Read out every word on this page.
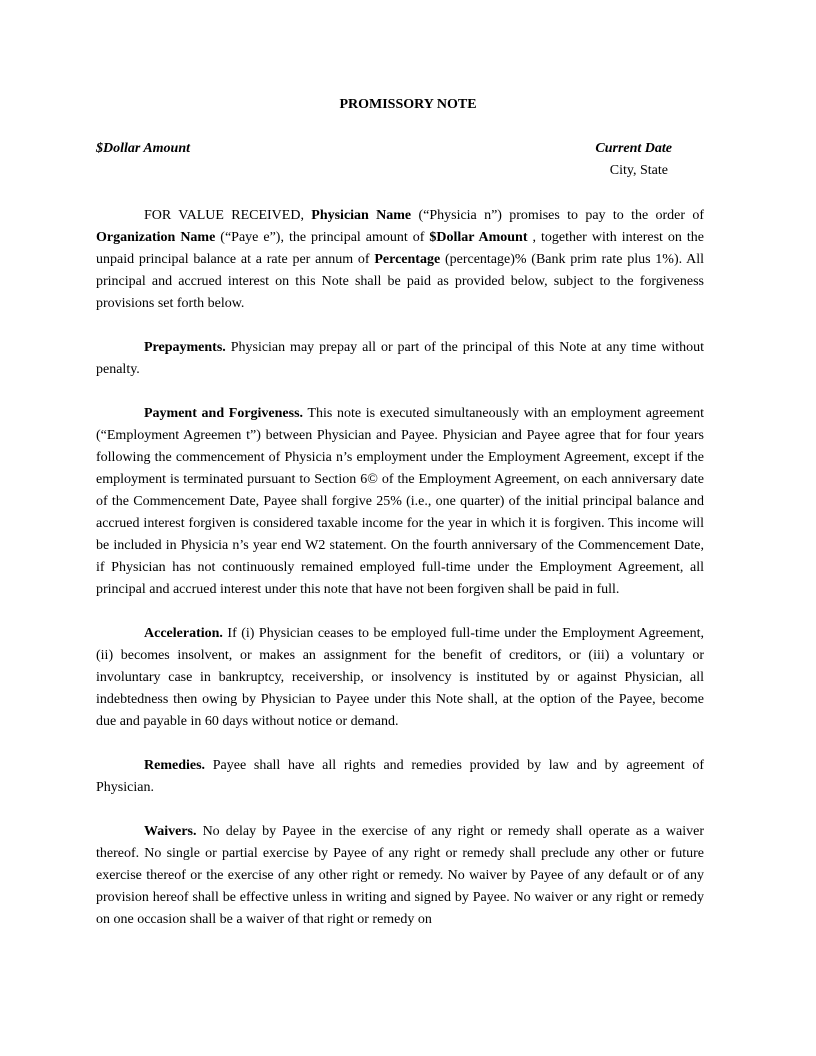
PROMISSORY NOTE
$Dollar Amount	Current Date
City, State

FOR VALUE RECEIVED, Physician Name (“Physicia n”) promises to pay to the order of Organization Name (“Paye e”), the principal amount of $Dollar Amount , together with interest on the unpaid principal balance at a rate per annum of Percentage (percentage)% (Bank prim rate plus 1%). All principal and accrued interest on this Note shall be paid as provided below, subject to the forgiveness provisions set forth below.

Prepayments. Physician may prepay all or part of the principal of this Note at any time without penalty.

Payment and Forgiveness. This note is executed simultaneously with an employment agreement (“Employment Agreemen t”) between Physician and Payee. Physician and Payee agree that for four years following the commencement of Physicia n’s employment under the Employment Agreement, except if the employment is terminated pursuant to Section 6© of the Employment Agreement, on each anniversary date of the Commencement Date, Payee shall forgive 25% (i.e., one quarter) of the initial principal balance and accrued interest forgiven is considered taxable income for the year in which it is forgiven. This income will be included in Physicia n’s year end W2 statement. On the fourth anniversary of the Commencement Date, if Physician has not continuously remained employed full-time under the Employment Agreement, all principal and accrued interest under this note that have not been forgiven shall be paid in full.

Acceleration. If (i) Physician ceases to be employed full-time under the Employment Agreement, (ii) becomes insolvent, or makes an assignment for the benefit of creditors, or (iii) a voluntary or involuntary case in bankruptcy, receivership, or insolvency is instituted by or against Physician, all indebtedness then owing by Physician to Payee under this Note shall, at the option of the Payee, become due and payable in 60 days without notice or demand.

Remedies. Payee shall have all rights and remedies provided by law and by agreement of Physician.

Waivers. No delay by Payee in the exercise of any right or remedy shall operate as a waiver thereof. No single or partial exercise by Payee of any right or remedy shall preclude any other or future exercise thereof or the exercise of any other right or remedy. No waiver by Payee of any default or of any provision hereof shall be effective unless in writing and signed by Payee. No waiver or any right or remedy on one occasion shall be a waiver of that right or remedy on
